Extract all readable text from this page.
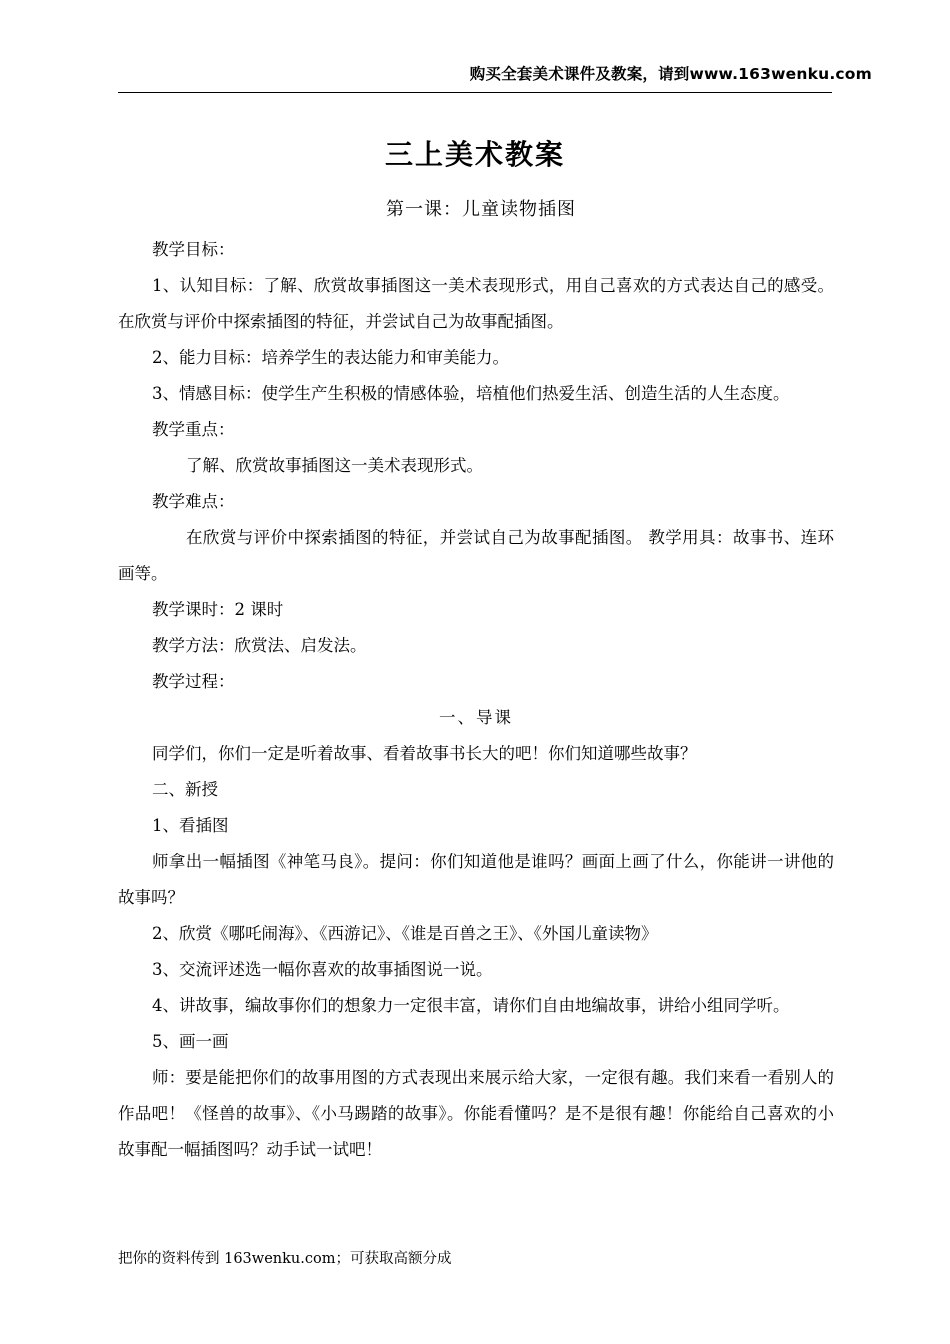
购买全套美术课件及教案，请到www.163wenku.com
三上美术教案

第一课：儿童读物插图

教学目标：

1、认知目标：了解、欣赏故事插图这一美术表现形式，用自己喜欢的方式表达自己的感受。在欣赏与评价中探索插图的特征，并尝试自己为故事配插图。

2、能力目标：培养学生的表达能力和审美能力。

3、情感目标：使学生产生积极的情感体验，培植他们热爱生活、创造生活的人生态度。

教学重点：

了解、欣赏故事插图这一美术表现形式。

教学难点：

在欣赏与评价中探索插图的特征，并尝试自己为故事配插图。 教学用具：故事书、连环画等。

教学课时：2 课时

教学方法：欣赏法、启发法。

教学过程：

一、导课

同学们，你们一定是听着故事、看着故事书长大的吧！你们知道哪些故事？

二、新授

1、看插图

师拿出一幅插图《神笔马良》。提问：你们知道他是谁吗？画面上画了什么，你能讲一讲他的故事吗？

2、欣赏《哪吒闹海》、《西游记》、《谁是百兽之王》、《外国儿童读物》

3、交流评述选一幅你喜欢的故事插图说一说。

4、讲故事，编故事你们的想象力一定很丰富，请你们自由地编故事，讲给小组同学听。

5、画一画

师：要是能把你们的故事用图的方式表现出来展示给大家，一定很有趣。我们来看一看别人的作品吧！《怪兽的故事》、《小马踢踏的故事》。你能看懂吗？是不是很有趣！你能给自己喜欢的小故事配一幅插图吗？动手试一试吧！

把你的资料传到 163wenku.com；可获取高额分成
